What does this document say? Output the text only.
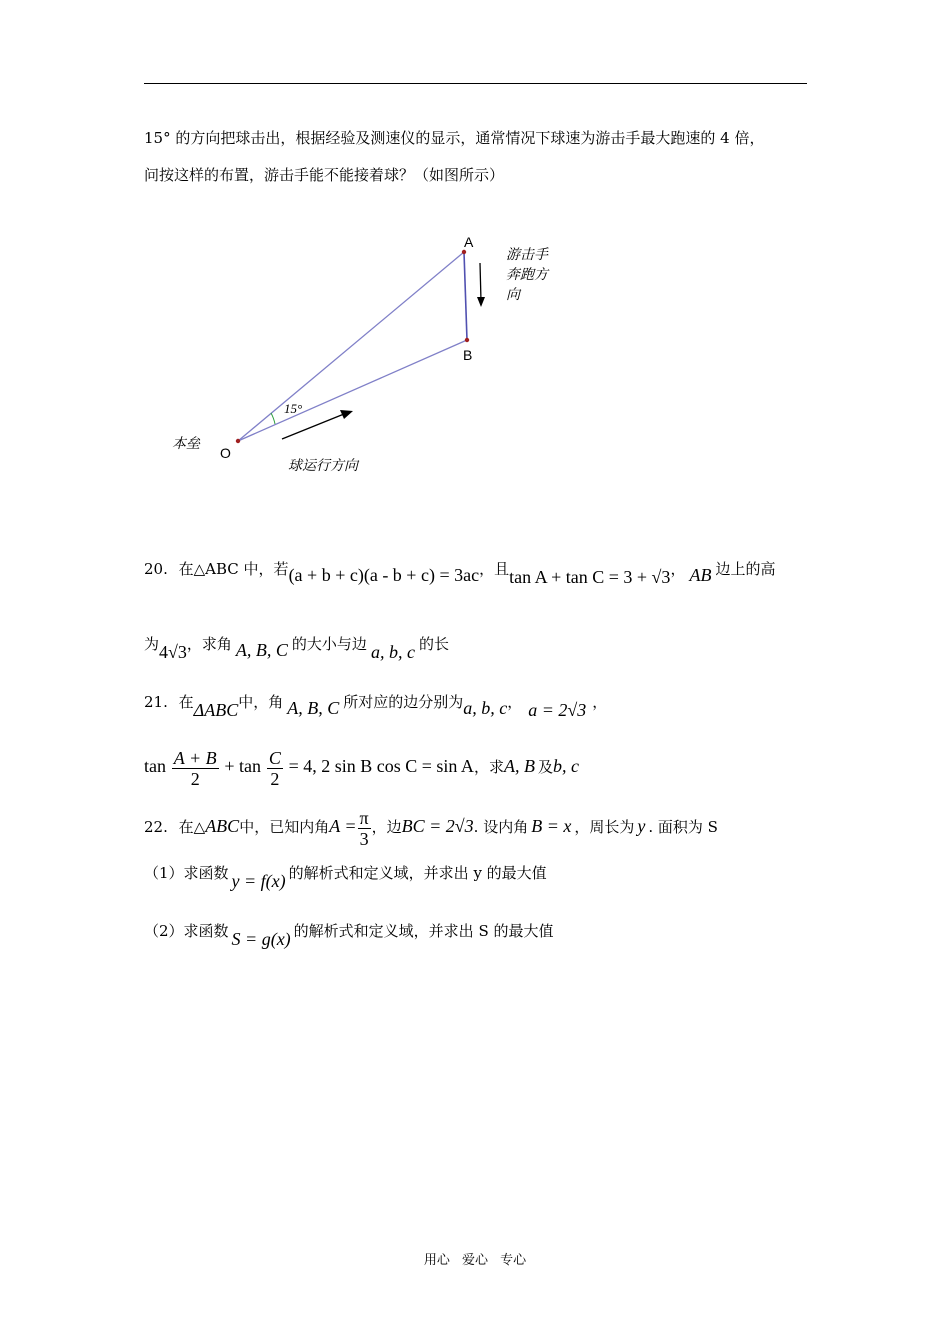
15° 的方向把球击出，根据经验及测速仪的显示，通常情况下球速为游击手最大跑速的 4 倍，
问按这样的布置，游击手能不能接着球？（如图所示）
A
B
O
15°
本垒
游击手
奔跑方
向
球运行方向
20. 在△ABC 中，若(a + b + c)(a - b + c) = 3ac，且tan A + tan C = 3 + √3， AB 边上的高
为4√3，求角 A, B, C 的大小与边 a, b, c 的长
21. 在ΔABC中，角 A, B, C 所对应的边分别为a, b, c， a = 2√3 ，
$\tan \frac{A + B}{2} + \tan \frac{C}{2} = 4$, 2 sin B cos C = sin A，求A, B 及b, c
22. 在△ABC中，已知内角$A = \frac{\pi}{3}$ ，边BC = 2√3. 设内角 B = x ，周长为 y . 面积为 S
（1）求函数 y = f(x) 的解析式和定义域，并求出 y 的最大值
（2）求函数 S = g(x) 的解析式和定义域，并求出 S 的最大值
用心 爱心 专心
